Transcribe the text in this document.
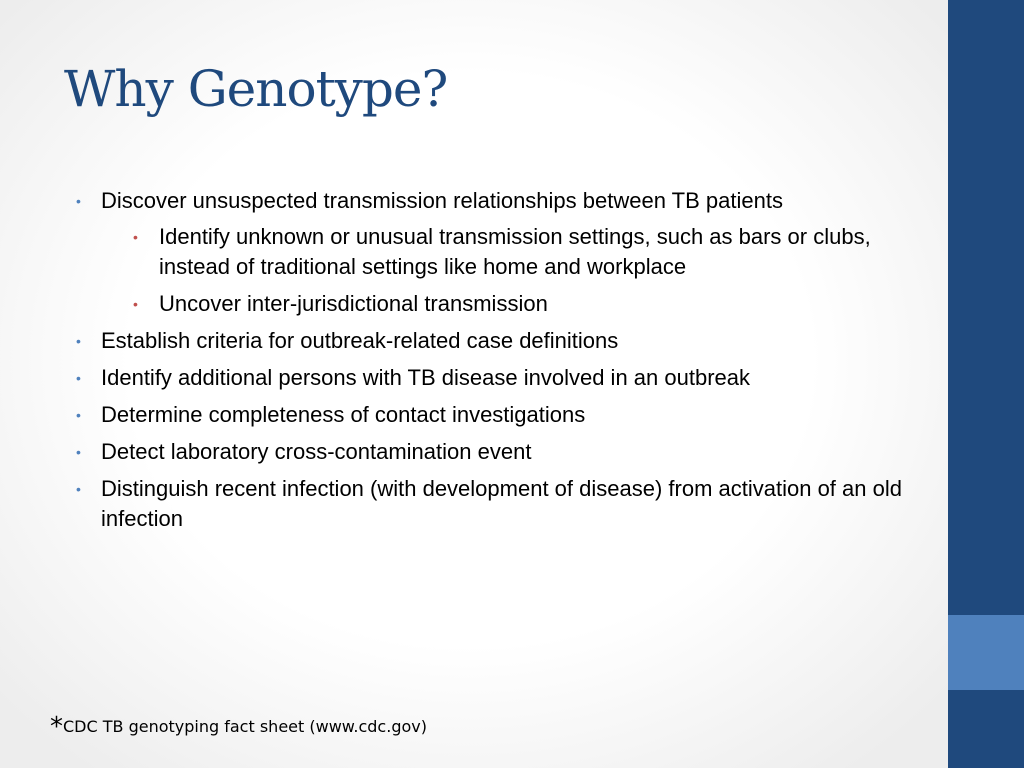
Why Genotype?
• Discover unsuspected transmission relationships between TB patients
• Identify unknown or unusual transmission settings, such as bars or clubs, instead of traditional settings like home and workplace
• Uncover inter-jurisdictional transmission
• Establish criteria for outbreak-related case definitions
• Identify additional persons with TB disease involved in an outbreak
• Determine completeness of contact investigations
• Detect laboratory cross-contamination event
• Distinguish recent infection (with development of disease) from activation of an old infection
*CDC TB genotyping fact sheet (www.cdc.gov)
